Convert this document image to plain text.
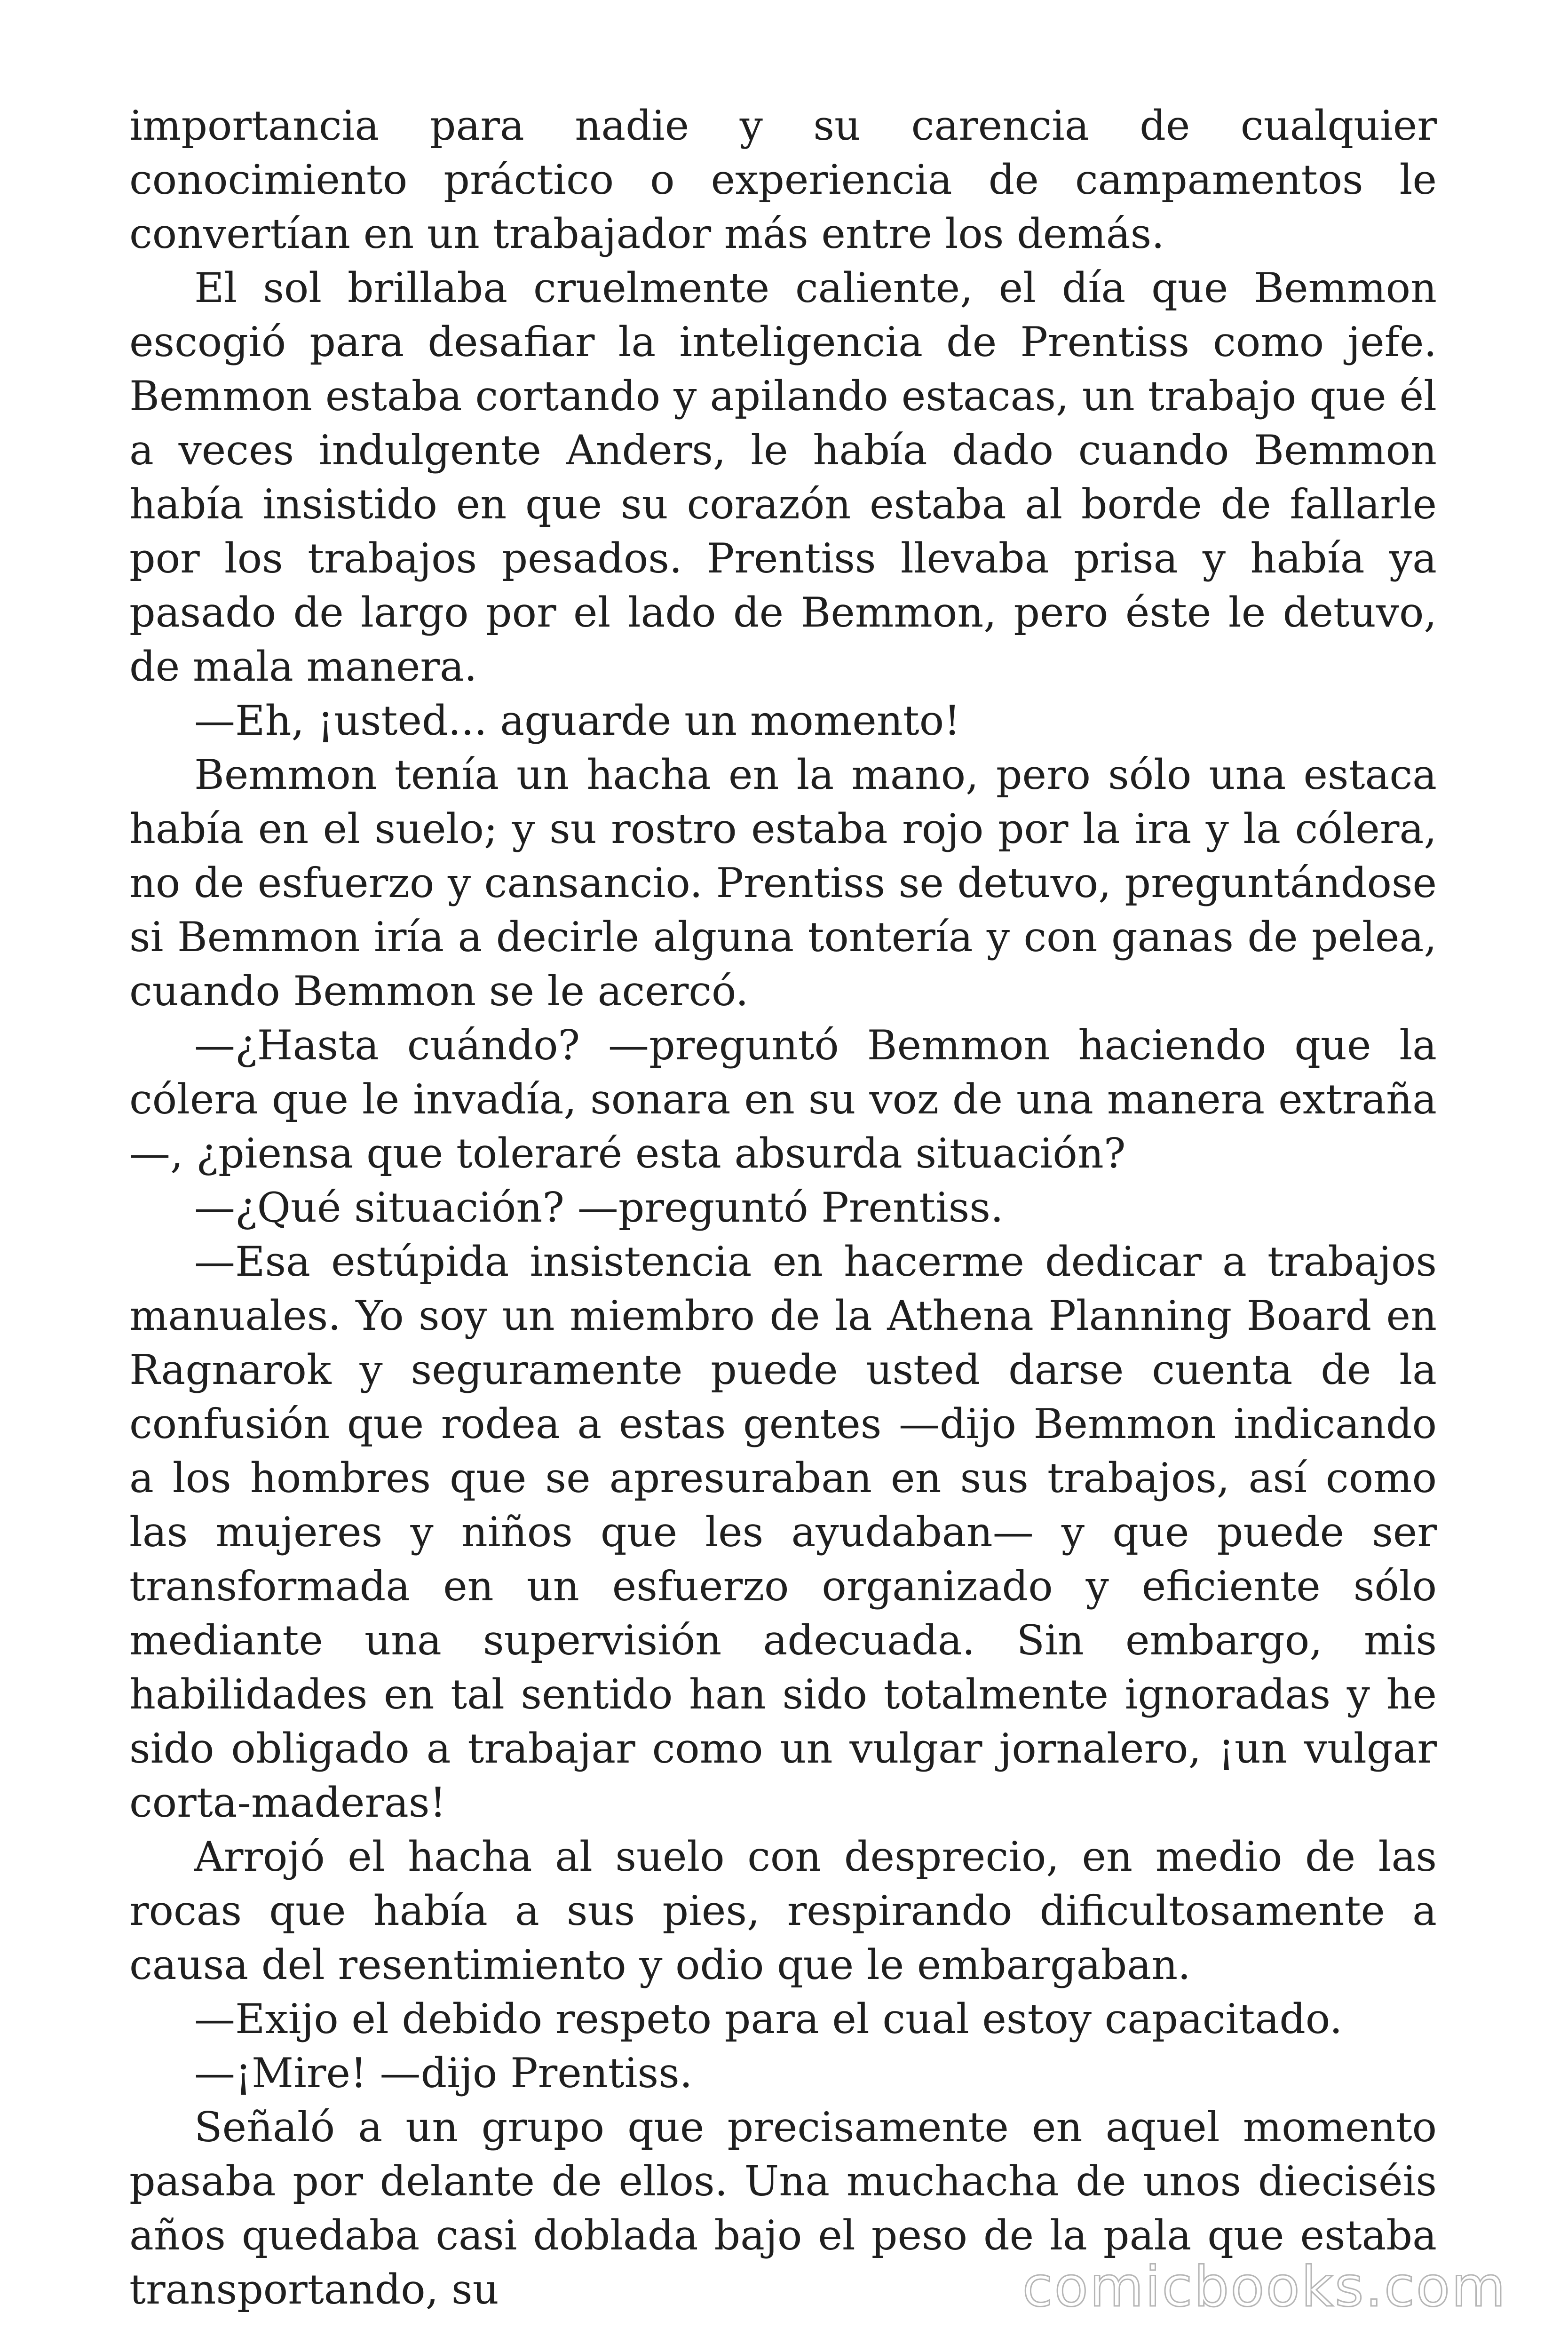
importancia para nadie y su carencia de cualquier conocimiento práctico o experiencia de campamentos le convertían en un trabajador más entre los demás.

El sol brillaba cruelmente caliente, el día que Bemmon escogió para desafiar la inteligencia de Prentiss como jefe. Bemmon estaba cortando y apilando estacas, un trabajo que él a veces indulgente Anders, le había dado cuando Bemmon había insistido en que su corazón estaba al borde de fallarle por los trabajos pesados. Prentiss llevaba prisa y había ya pasado de largo por el lado de Bemmon, pero éste le detuvo, de mala manera.

—Eh, ¡usted... aguarde un momento!

Bemmon tenía un hacha en la mano, pero sólo una estaca había en el suelo; y su rostro estaba rojo por la ira y la cólera, no de esfuerzo y cansancio. Prentiss se detuvo, preguntándose si Bemmon iría a decirle alguna tontería y con ganas de pelea, cuando Bemmon se le acercó.

—¿Hasta cuándo? —preguntó Bemmon haciendo que la cólera que le invadía, sonara en su voz de una manera extraña—, ¿piensa que toleraré esta absurda situación?

—¿Qué situación? —preguntó Prentiss.

—Esa estúpida insistencia en hacerme dedicar a trabajos manuales. Yo soy un miembro de la Athena Planning Board en Ragnarok y seguramente puede usted darse cuenta de la confusión que rodea a estas gentes —dijo Bemmon indicando a los hombres que se apresuraban en sus trabajos, así como las mujeres y niños que les ayudaban— y que puede ser transformada en un esfuerzo organizado y eficiente sólo mediante una supervisión adecuada. Sin embargo, mis habilidades en tal sentido han sido totalmente ignoradas y he sido obligado a trabajar como un vulgar jornalero, ¡un vulgar corta-maderas!

Arrojó el hacha al suelo con desprecio, en medio de las rocas que había a sus pies, respirando dificultosamente a causa del resentimiento y odio que le embargaban.

—Exijo el debido respeto para el cual estoy capacitado.

—¡Mire! —dijo Prentiss.

Señaló a un grupo que precisamente en aquel momento pasaba por delante de ellos. Una muchacha de unos dieciséis años quedaba casi doblada bajo el peso de la pala que estaba transportando, su	comicbooks.com
